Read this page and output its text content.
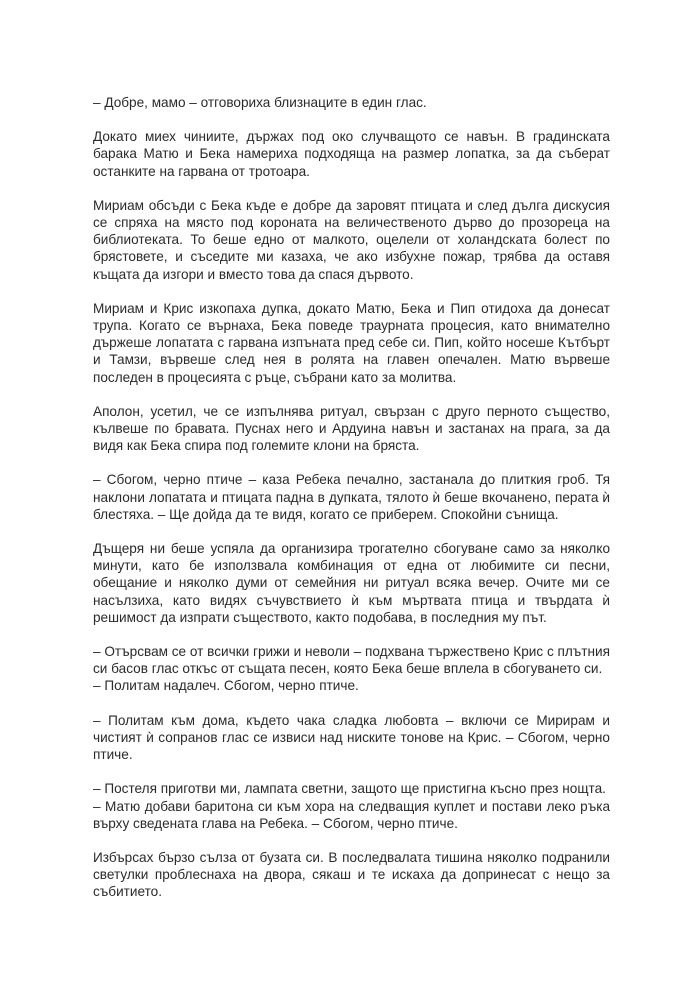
– Добре, мамо – отговориха близнаците в един глас.

Докато миех чиниите, държах под око случващото се навън. В градинската барака Матю и Бека намериха подходяща на размер лопатка, за да съберат останките на гарвана от тротоара.

Мириам обсъди с Бека къде е добре да заровят птицата и след дълга дискусия се спряха на място под короната на величественото дърво до прозореца на библиотеката. То беше едно от малкото, оцелели от холандската болест по брястовете, и съседите ми казаха, че ако избухне пожар, трябва да оставя къщата да изгори и вместо това да спася дървото.

Мириам и Крис изкопаха дупка, докато Матю, Бека и Пип отидоха да донесат трупа. Когато се върнаха, Бека поведе траурната процесия, като внимателно държеше лопатата с гарвана изпъната пред себе си. Пип, който носеше Кътбърт и Тамзи, вървеше след нея в ролята на главен опечален. Матю вървеше последен в процесията с ръце, събрани като за молитва.

Аполон, усетил, че се изпълнява ритуал, свързан с друго перното същество, кълвеше по бравата. Пуснах него и Ардуина навън и застанах на прага, за да видя как Бека спира под големите клони на бряста.

– Сбогом, черно птиче – каза Ребека печално, застанала до плиткия гроб. Тя наклони лопатата и птицата падна в дупката, тялото ѝ беше вкочанено, перата ѝ блестяха. – Ще дойда да те видя, когато се приберем. Спокойни сънища.

Дъщеря ни беше успяла да организира трогателно сбогуване само за няколко минути, като бе използвала комбинация от една от любимите си песни, обещание и няколко думи от семейния ни ритуал всяка вечер. Очите ми се насълзиха, като видях съчувствието ѝ към мъртвата птица и твърдата ѝ решимост да изпрати съществото, както подобава, в последния му път.

– Отърсвам се от всички грижи и неволи – подхвана тържествено Крис с плътния си басов глас откъс от същата песен, която Бека беше вплела в сбогуването си.
– Политам надалеч. Сбогом, черно птиче.

– Политам към дома, където чака сладка любовта – включи се Мирирам и чистият ѝ сопранов глас се извиси над ниските тонове на Крис. – Сбогом, черно птиче.

– Постеля приготви ми, лампата светни, защото ще пристигна късно през нощта.
– Матю добави баритона си към хора на следващия куплет и постави леко ръка върху сведената глава на Ребека. – Сбогом, черно птиче.

Избърсах бързо сълза от бузата си. В последвалата тишина няколко подранили светулки проблеснаха на двора, сякаш и те искаха да допринесат с нещо за събитието.
